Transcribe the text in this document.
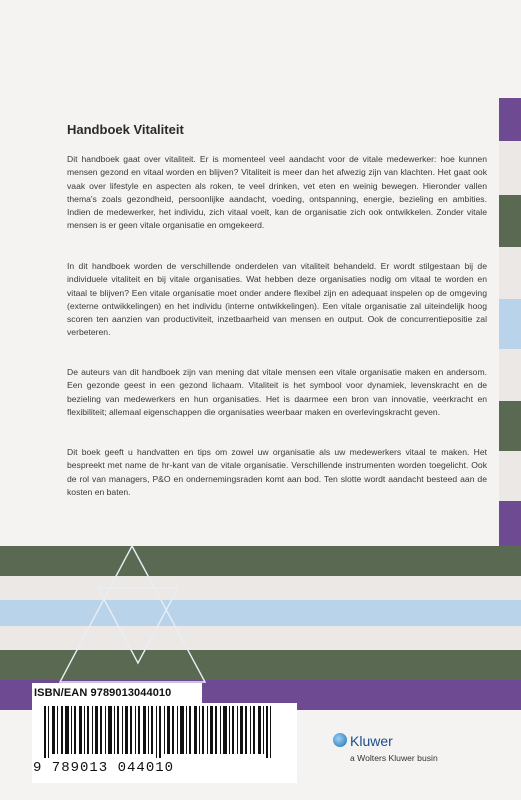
Handboek Vitaliteit
Dit handboek gaat over vitaliteit. Er is momenteel veel aandacht voor de vitale medewerker: hoe kunnen mensen gezond en vitaal worden en blijven? Vitaliteit is meer dan het afwezig zijn van klachten. Het gaat ook vaak over lifestyle en aspecten als roken, te veel drinken, vet eten en weinig bewegen. Hieronder vallen thema's zoals gezondheid, persoonlijke aandacht, voeding, ontspanning, energie, bezieling en ambities. Indien de medewerker, het individu, zich vitaal voelt, kan de organisatie zich ook ontwikkelen. Zonder vitale mensen is er geen vitale organisatie en omgekeerd.
In dit handboek worden de verschillende onderdelen van vitaliteit behandeld. Er wordt stilgestaan bij de individuele vitaliteit en bij vitale organisaties. Wat hebben deze organisaties nodig om vitaal te worden en vitaal te blijven? Een vitale organisatie moet onder andere flexibel zijn en adequaat inspelen op de omgeving (externe ontwikkelingen) en het individu (interne ontwikkelingen). Een vitale organisatie zal uiteindelijk hoog scoren ten aanzien van productiviteit, inzetbaarheid van mensen en output. Ook de concurrentiepositie zal verbeteren.
De auteurs van dit handboek zijn van mening dat vitale mensen een vitale organisatie maken en andersom. Een gezonde geest in een gezond lichaam. Vitaliteit is het symbool voor dynamiek, levenskracht en de bezieling van medewerkers en hun organisaties. Het is daarmee een bron van innovatie, veerkracht en flexibiliteit; allemaal eigenschappen die organisaties weerbaar maken en overlevingskracht geven.
Dit boek geeft u handvatten en tips om zowel uw organisatie als uw medewerkers vitaal te maken. Het bespreekt met name de hr-kant van de vitale organisatie. Verschillende instrumenten worden toegelicht. Ook de rol van managers, P&O en ondernemingsraden komt aan bod. Ten slotte wordt aandacht besteed aan de kosten en baten.
ISBN/EAN 9789013044010
9 789013 044010
Kluwer
a Wolters Kluwer busin
